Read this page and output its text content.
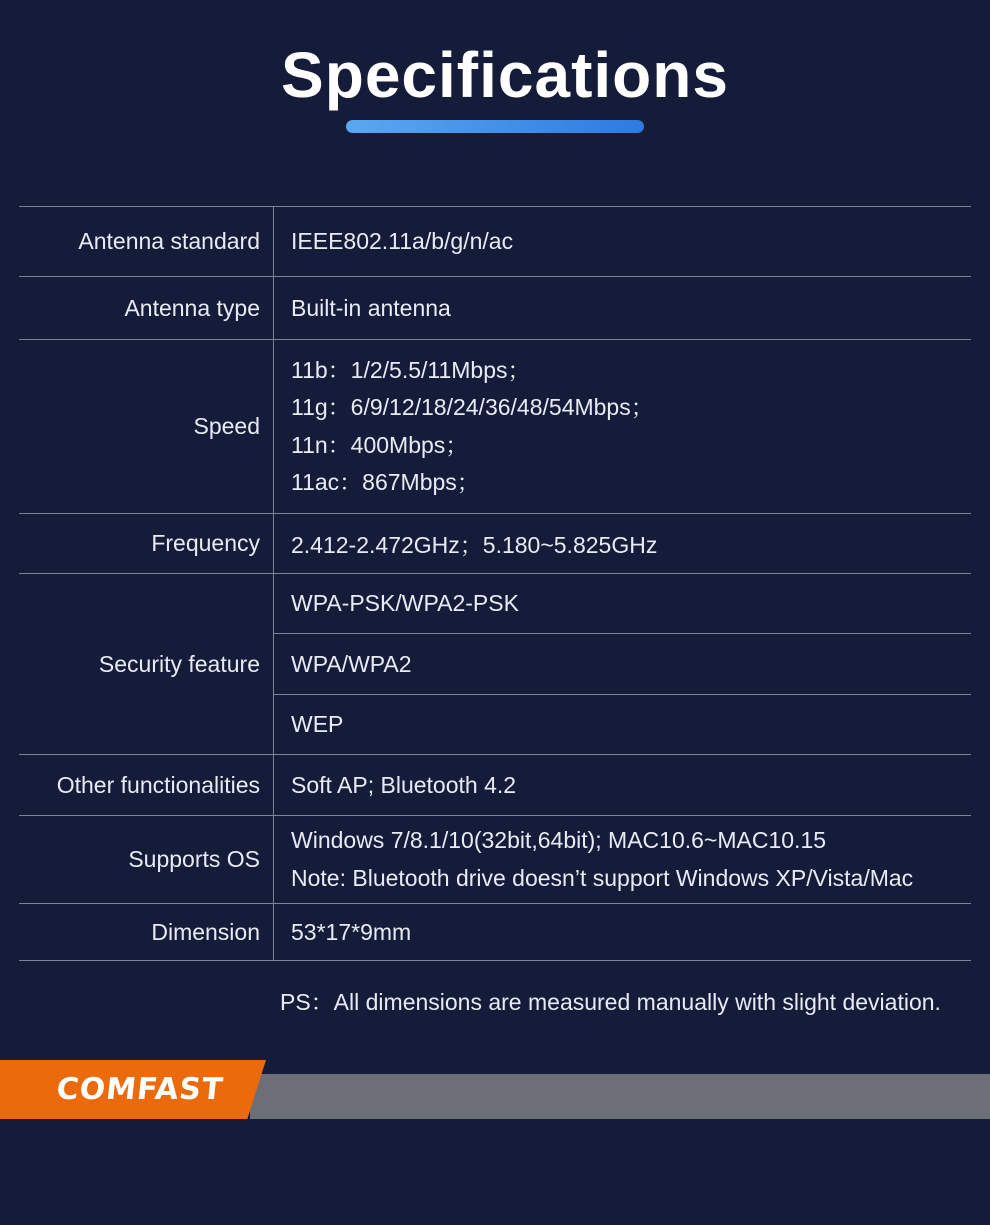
Specifications
Antenna standard	IEEE802.11a/b/g/n/ac
Antenna type	Built-in antenna
Speed	11b：1/2/5.5/11Mbps；
11g：6/9/12/18/24/36/48/54Mbps；
11n：400Mbps；
11ac：867Mbps；

Frequency	2.412-2.472GHz；5.180~5.825GHz
Security feature	WPA-PSK/WPA2-PSK
	WPA/WPA2
	WEP
Other functionalities	Soft AP; Bluetooth 4.2
Supports OS	Windows 7/8.1/10(32bit,64bit); MAC10.6~MAC10.15
Note: Bluetooth drive doesn’t support Windows XP/Vista/Mac

Dimension	53*17*9mm
PS：All dimensions are measured manually with slight deviation.
COMFAST
